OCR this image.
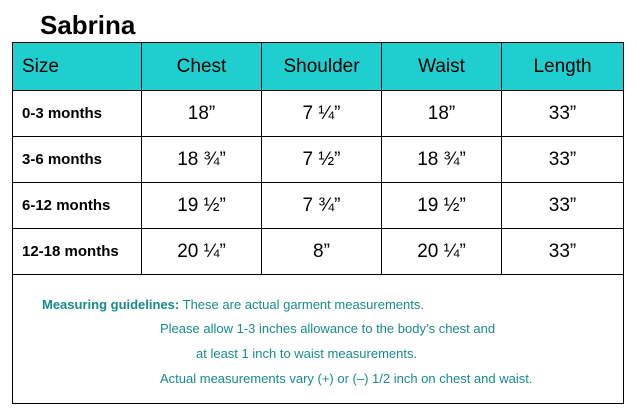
Sabrina
Size	Chest	Shoulder	Waist	Length
0-3 months	18”	7 ¼”	18”	33”
3-6 months	18 ¾”	7 ½”	18 ¾”	33”
6-12 months	19 ½”	7 ¾”	19 ½”	33”
12-18 months	20 ¼”	8”	20 ¼”	33”

Measuring guidelines: These are actual garment measurements.
Please allow 1-3 inches allowance to the body’s chest and
at least 1 inch to waist measurements.
Actual measurements vary (+) or (–) 1/2 inch on chest and waist.				
